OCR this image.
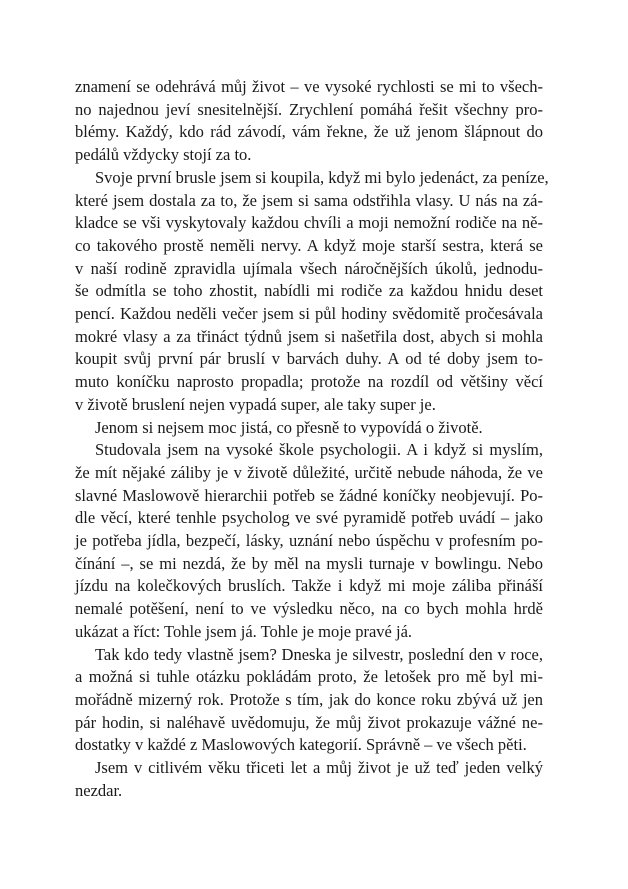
znamení se odehrává můj život – ve vysoké rychlosti se mi to všech-
no najednou jeví snesitelnější. Zrychlení pomáhá řešit všechny pro-
blémy. Každý, kdo rád závodí, vám řekne, že už jenom šlápnout do
pedálů vždycky stojí za to.

Svoje první brusle jsem si koupila, když mi bylo jedenáct, za peníze,
které jsem dostala za to, že jsem si sama odstřihla vlasy. U nás na zá-
kladce se vši vyskytovaly každou chvíli a moji nemožní rodiče na ně-
co takového prostě neměli nervy. A když moje starší sestra, která se
v naší rodině zpravidla ujímala všech náročnějších úkolů, jednodu-
še odmítla se toho zhostit, nabídli mi rodiče za každou hnidu deset
pencí. Každou neděli večer jsem si půl hodiny svědomitě pročesávala
mokré vlasy a za třináct týdnů jsem si našetřila dost, abych si mohla
koupit svůj první pár bruslí v barvách duhy. A od té doby jsem to-
muto koníčku naprosto propadla; protože na rozdíl od většiny věcí
v životě bruslení nejen vypadá super, ale taky super je.

Jenom si nejsem moc jistá, co přesně to vypovídá o životě.

Studovala jsem na vysoké škole psychologii. A i když si myslím,
že mít nějaké záliby je v životě důležité, určitě nebude náhoda, že ve
slavné Maslowově hierarchii potřeb se žádné koníčky neobjevují. Po-
dle věcí, které tenhle psycholog ve své pyramidě potřeb uvádí – jako
je potřeba jídla, bezpečí, lásky, uznání nebo úspěchu v profesním po-
čínání –, se mi nezdá, že by měl na mysli turnaje v bowlingu. Nebo
jízdu na kolečkových bruslích. Takže i když mi moje záliba přináší
nemalé potěšení, není to ve výsledku něco, na co bych mohla hrdě
ukázat a říct: Tohle jsem já. Tohle je moje pravé já.

Tak kdo tedy vlastně jsem? Dneska je silvestr, poslední den v roce,
a možná si tuhle otázku pokládám proto, že letošek pro mě byl mi-
mořádně mizerný rok. Protože s tím, jak do konce roku zbývá už jen
pár hodin, si naléhavě uvědomuju, že můj život prokazuje vážné ne-
dostatky v každé z Maslowových kategorií. Správně – ve všech pěti.

Jsem v citlivém věku třiceti let a můj život je už teď jeden velký
nezdar.
